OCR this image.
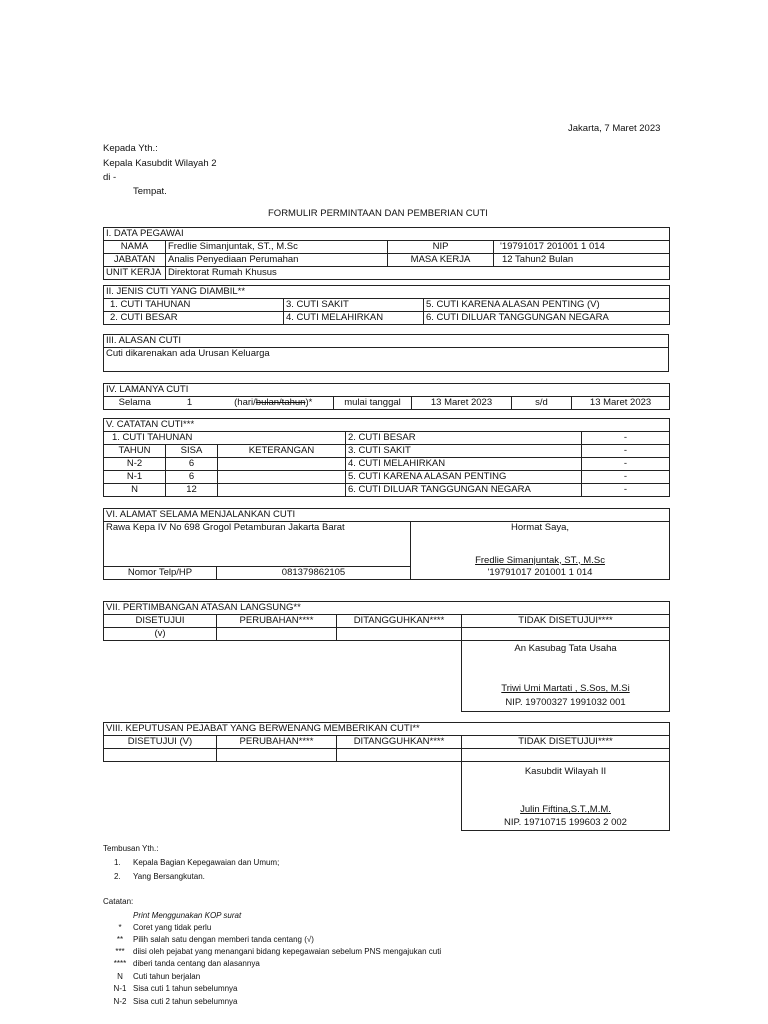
Jakarta, 7 Maret 2023
Kepada Yth.:
Kepala Kasubdit Wilayah 2
di -
Tempat.
FORMULIR PERMINTAAN DAN PEMBERIAN CUTI
I. DATA PEGAWAI			
NAMA	Fredlie Simanjuntak, ST., M.Sc	NIP	'19791017 201001 1 014
JABATAN	Analis Penyediaan Perumahan	MASA KERJA	12 Tahun2 Bulan
UNIT KERJA	Direktorat Rumah Khusus		
II. JENIS CUTI YANG DIAMBIL**		
1. CUTI TAHUNAN	3. CUTI SAKIT	5. CUTI KARENA ALASAN PENTING (V)
2. CUTI BESAR	4. CUTI MELAHIRKAN	6. CUTI DILUAR TANGGUNGAN NEGARA
III. ALASAN CUTI
Cuti dikarenakan ada Urusan Keluarga
IV. LAMANYA CUTI
Selama	1	(hari/bulan/tahun)*	mulai tanggal	13 Maret 2023	s/d	13 Maret 2023
V. CATATAN CUTI***				
1. CUTI TAHUNAN			2. CUTI BESAR	-
TAHUN	SISA	KETERANGAN	3. CUTI SAKIT	-
N-2	6		4. CUTI MELAHIRKAN	-
N-1	6		5. CUTI KARENA ALASAN PENTING	-
N	12		6. CUTI DILUAR TANGGUNGAN NEGARA	-
VI. ALAMAT SELAMA MENJALANKAN CUTI		
Rawa Kepa IV No 698 Grogol Petamburan Jakarta Barat		Hormat Saya,
Fredlie Simanjuntak, ST., M.Sc

Nomor Telp/HP	081379862105	'19791017 201001 1 014
VII. PERTIMBANGAN ATASAN LANGSUNG**			
DISETUJUI	PERUBAHAN****	DITANGGUHKAN****	TIDAK DISETUJUI****
(v)			

			An Kasubag Tata Usaha
Triwi Umi Martati , S.Sos, M.Si
NIP. 19700327 1991032 001
VIII. KEPUTUSAN PEJABAT YANG BERWENANG MEMBERIKAN CUTI**			
DISETUJUI (V)	PERUBAHAN****	DITANGGUHKAN****	TIDAK DISETUJUI****

			Kasubdit Wilayah II
Julin Fiftina,S.T.,M.M.
NIP. 19710715 199603 2 002
Tembusan Yth.:
1. Kepala Bagian Kepegawaian dan Umum;
2. Yang Bersangkutan.
Catatan:
Print Menggunakan KOP surat
*	Coret yang tidak perlu
**	Pilih salah satu dengan memberi tanda centang (√)
***	diisi oleh pejabat yang menangani bidang kepegawaian sebelum PNS mengajukan cuti
**** diberi tanda centang dan alasannya
N	Cuti tahun berjalan
N-1 Sisa cuti 1 tahun sebelumnya
N-2 Sisa cuti 2 tahun sebelumnya
